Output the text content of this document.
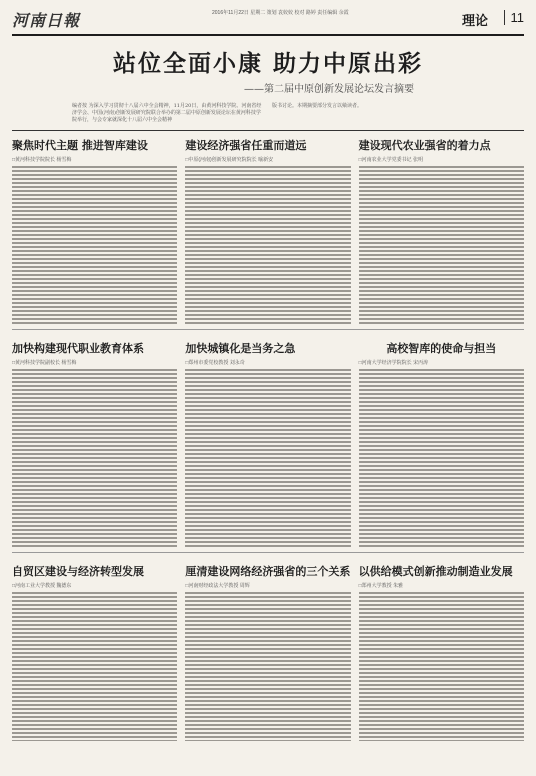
河南日報	2016年11月22日 星期二 策划 袁姣姣 校对 路婷 责任编辑 余霞	理论	11
站位全面小康 助力中原出彩
——第二届中原创新发展论坛发言摘要
编者按 为深入学习贯彻十八届六中全会精神，11月20日，由黄河科技学院、河南省经济学会、中国(河南)创新发展研究院联合举办的第二届中原创新发展论坛在黄河科技学院举行，与会专家就深化十八届六中全会精神
版书讨论。本期摘要部分发言以飨读者。
聚焦时代主题 推进智库建设
□黄河科技学院院长 杨雪梅
建设经济强省任重而道远
□中原(河南)创新发展研究院院长 喻新安
建设现代农业强省的着力点
□河南农业大学党委书记 张明
加快构建现代职业教育体系
□黄河科技学院副校长 杨雪梅
加快城镇化是当务之急
□郑州市委党校教授 刘永奇
高校智库的使命与担当
□河南大学经济学院院长 宋丙涛
自贸区建设与经济转型发展
□河南工业大学教授 魏德东
厘清建设网络经济强省的三个关系
□河南财经政法大学教授 周辉
以供给模式创新推动制造业发展
□郑州大学教授 朱雅
